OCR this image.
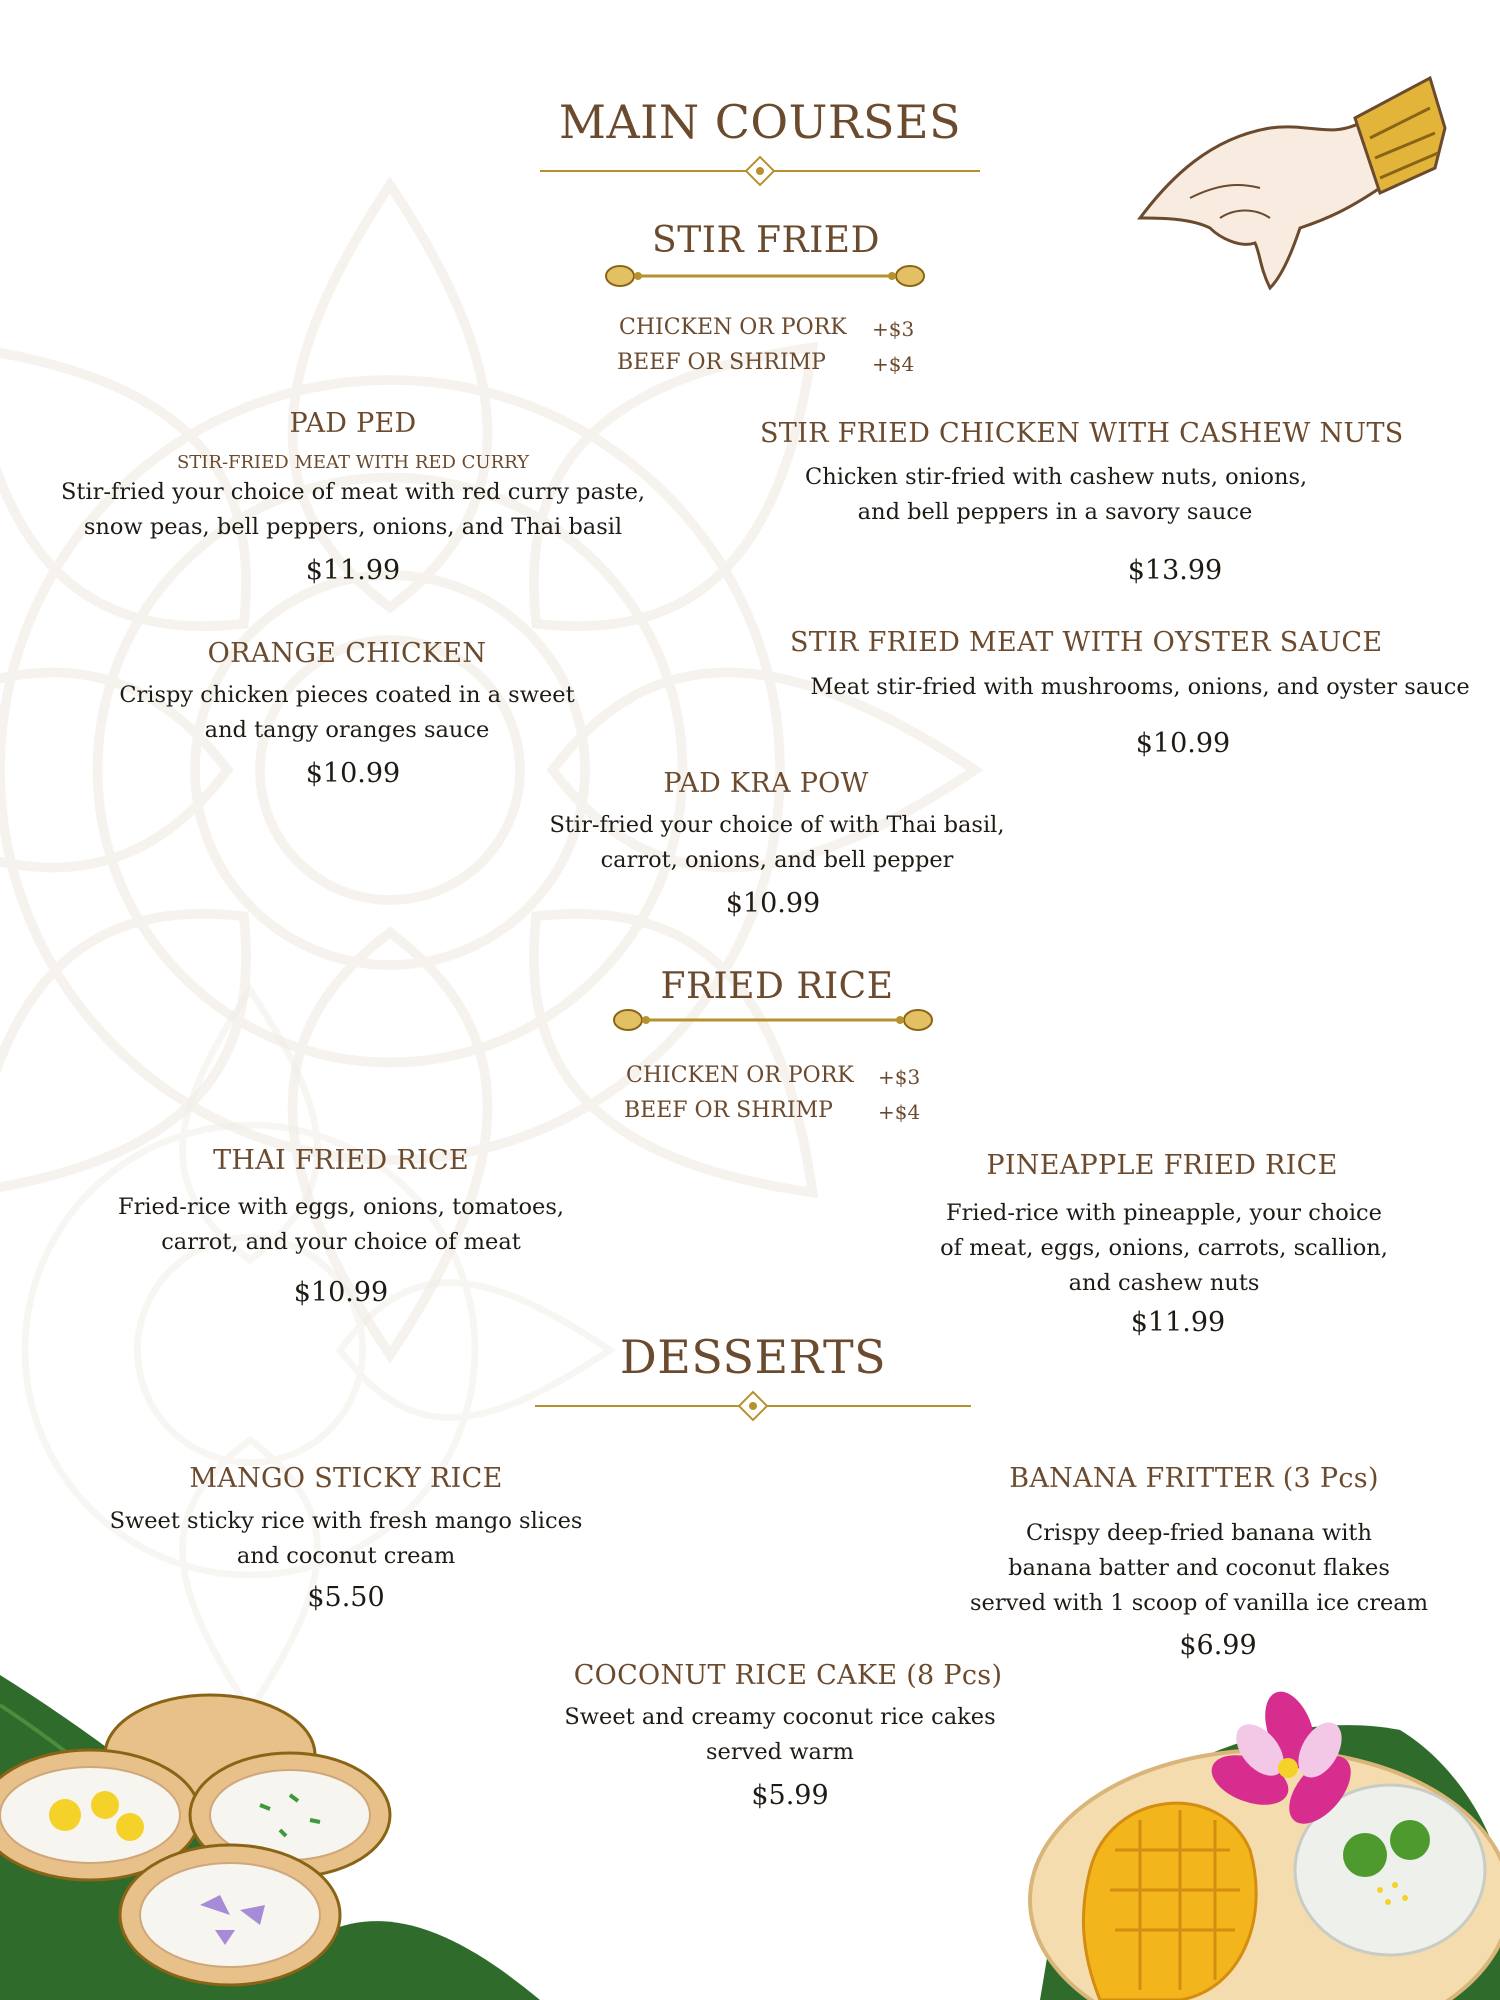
MAIN COURSES
STIR FRIED
CHICKEN OR PORK +$3
BEEF OR SHRIMP +$4
PAD PED
STIR-FRIED MEAT WITH RED CURRY
Stir-fried your choice of meat with red curry paste,
snow peas, bell peppers, onions, and Thai basil
$11.99
STIR FRIED CHICKEN WITH CASHEW NUTS
Chicken stir-fried with cashew nuts, onions,
and bell peppers in a savory sauce
$13.99
ORANGE CHICKEN
Crispy chicken pieces coated in a sweet
and tangy oranges sauce
$10.99
STIR FRIED MEAT WITH OYSTER SAUCE
Meat stir-fried with mushrooms, onions, and oyster sauce
$10.99
PAD KRA POW
Stir-fried your choice of with Thai basil,
carrot, onions, and bell pepper
$10.99
FRIED RICE
CHICKEN OR PORK +$3
BEEF OR SHRIMP +$4
THAI FRIED RICE
Fried-rice with eggs, onions, tomatoes,
carrot, and your choice of meat
$10.99
PINEAPPLE FRIED RICE
Fried-rice with pineapple, your choice
of meat, eggs, onions, carrots, scallion,
and cashew nuts
$11.99
DESSERTS
MANGO STICKY RICE
Sweet sticky rice with fresh mango slices
and coconut cream
$5.50
BANANA FRITTER (3 Pcs)
Crispy deep-fried banana with
banana batter and coconut flakes
served with 1 scoop of vanilla ice cream
$6.99
COCONUT RICE CAKE (8 Pcs)
Sweet and creamy coconut rice cakes
served warm
$5.99
